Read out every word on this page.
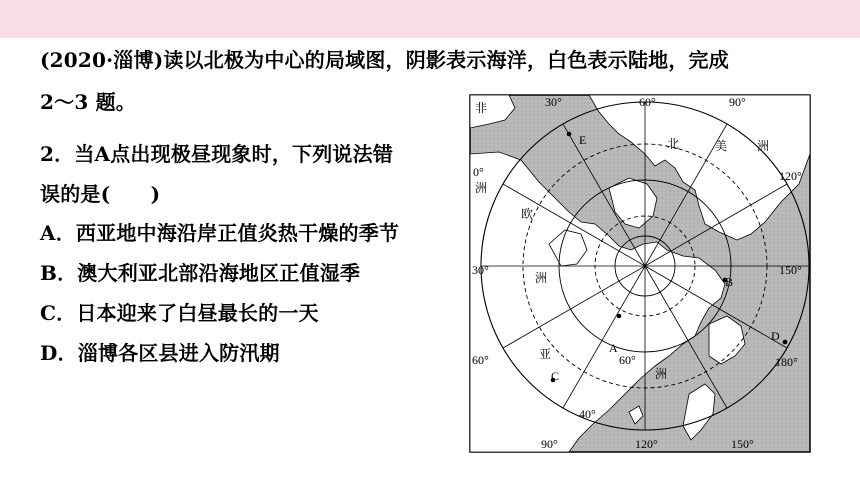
(2020·淄博)读以北极为中心的局域图，阴影表示海洋，白色表示陆地，完成
2～3 题。
2．当A点出现极昼现象时，下列说法错
误的是(　　)
A．西亚地中海沿岸正值炎热干燥的季节
B．澳大利亚北部沿海地区正值湿季
C．日本迎来了白昼最长的一天
D．淄博各区县进入防汛期
非
洲
欧
洲
亚
洲
北	美 洲
30°	60°	90°
0°	120°
30°	150°
60°	180°
90°	120°	150°
60°
40°
E
B
A
C
D
